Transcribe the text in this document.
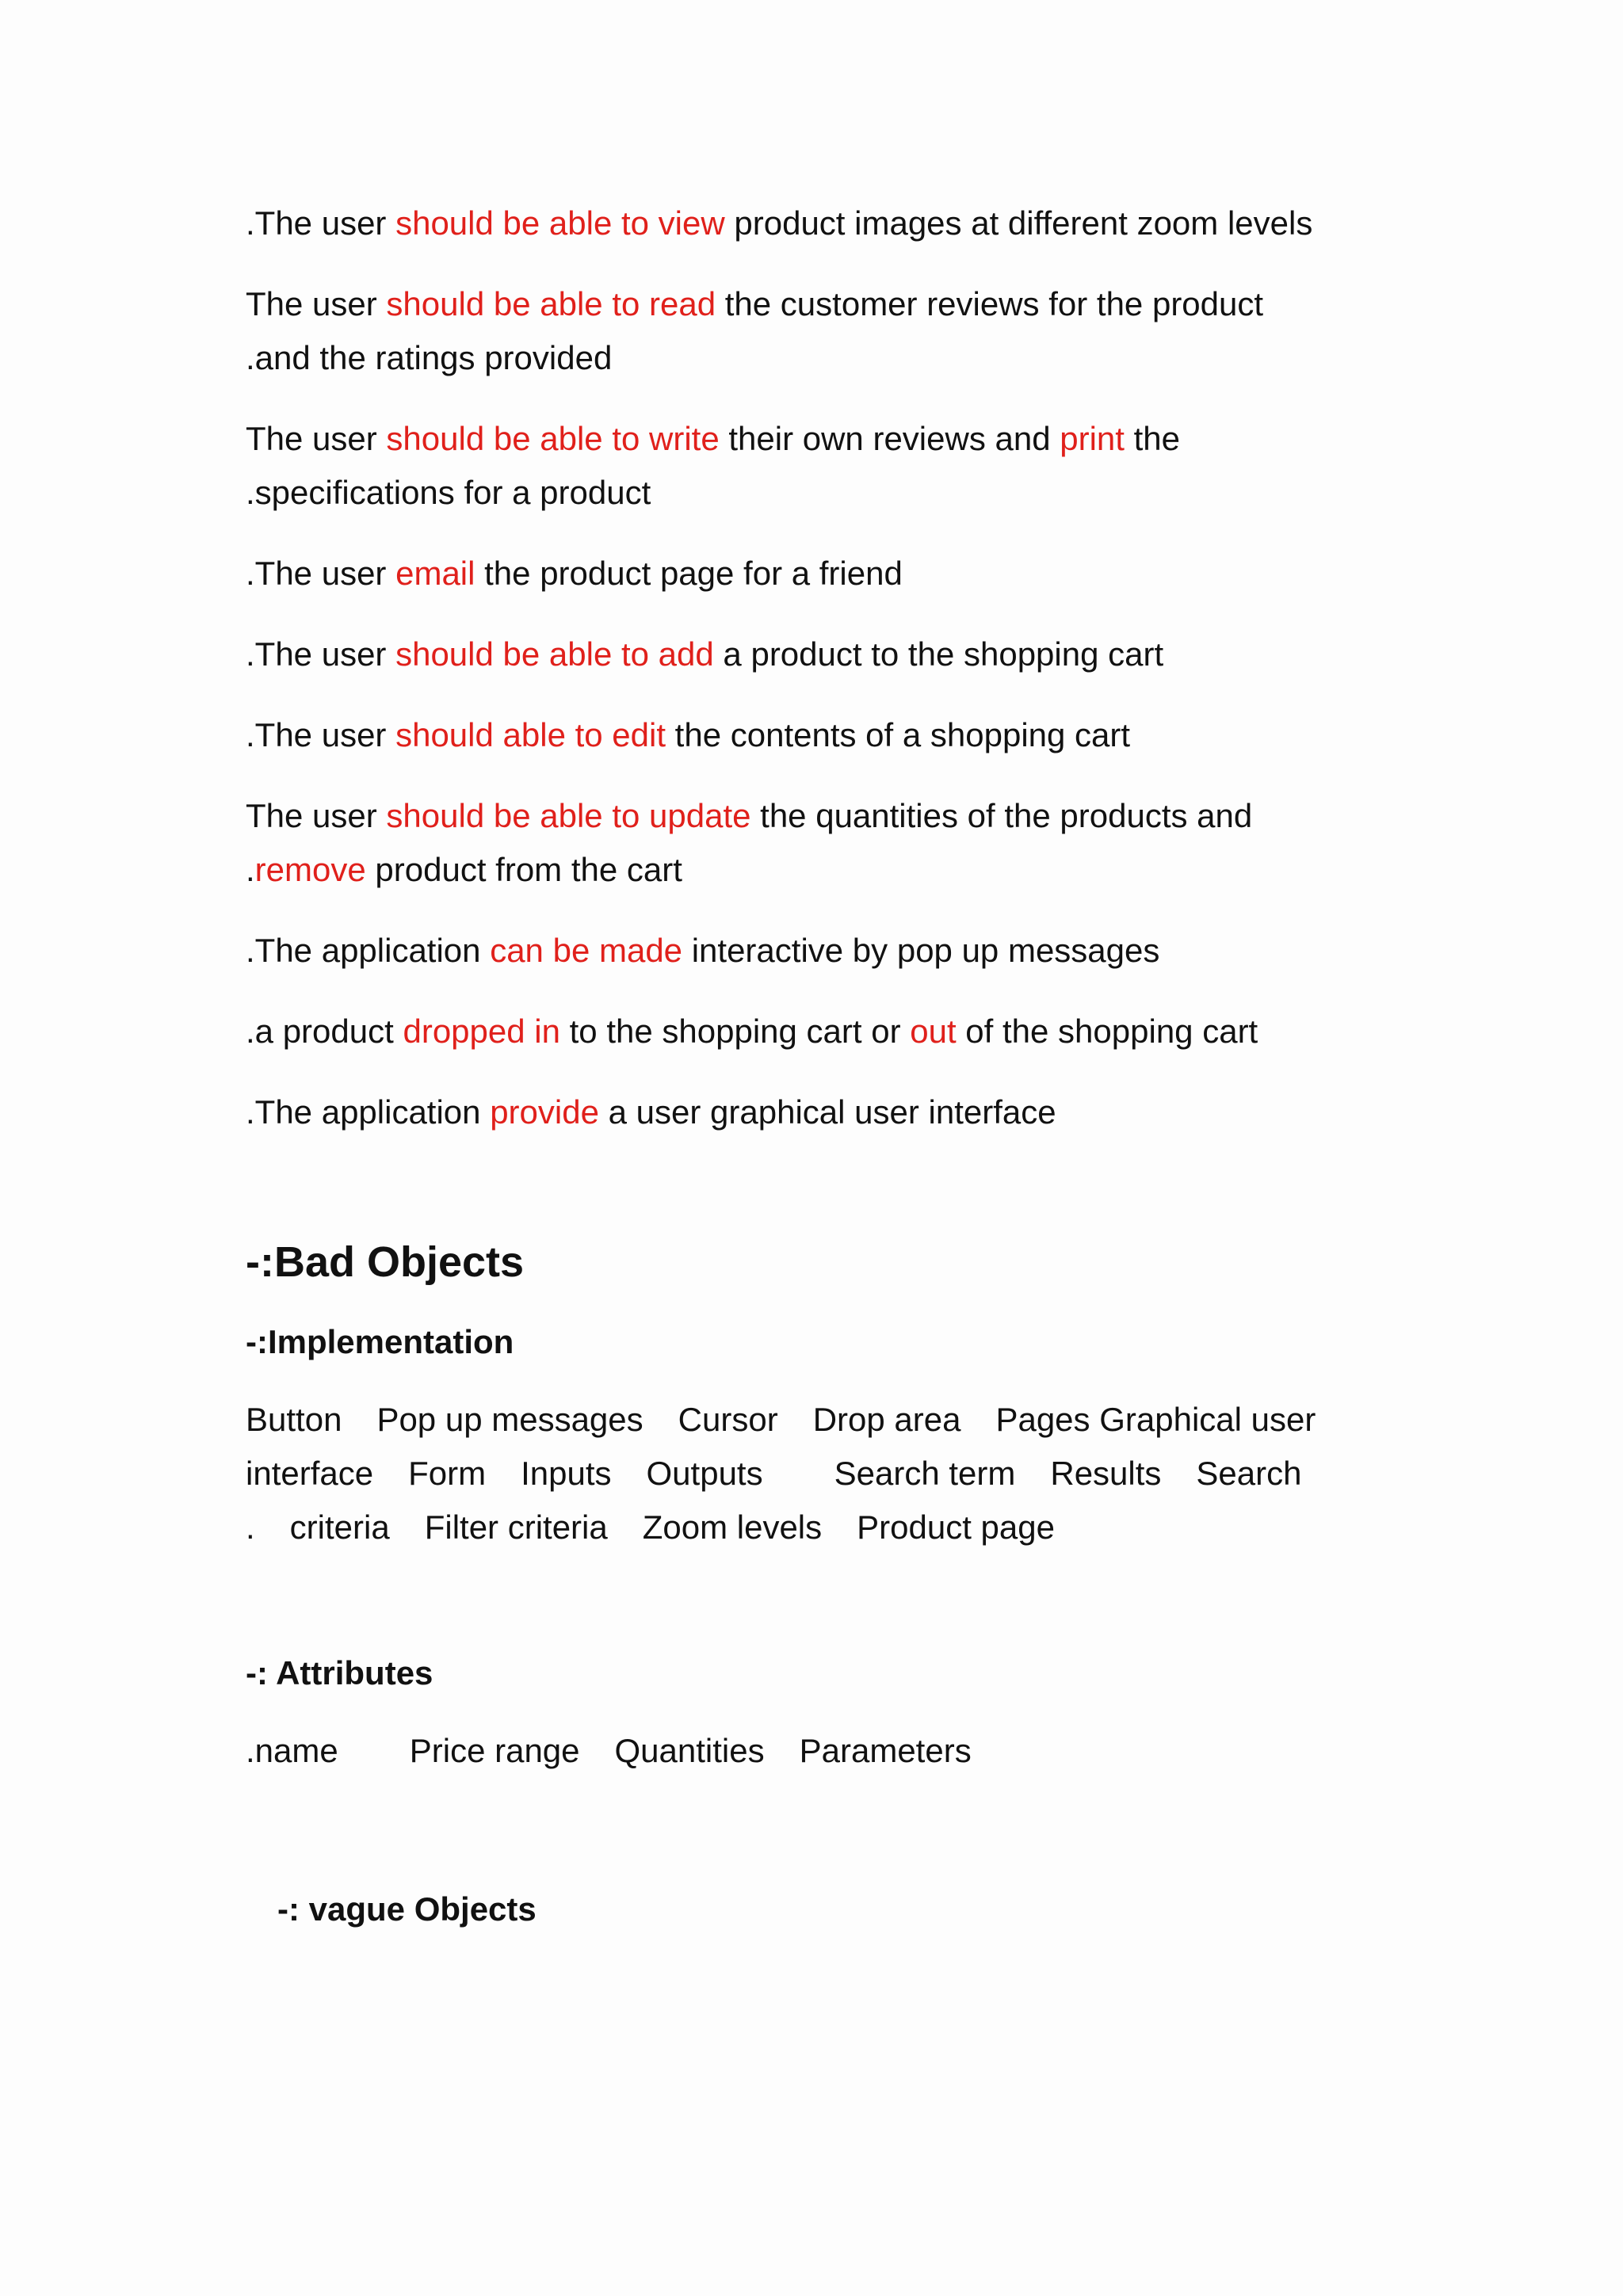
.The user should be able to view product images at different zoom levels
The user should be able to read the customer reviews for the product
.and the ratings provided
The user should be able to write their own reviews and print the
.specifications for a product
.The user email the product page for a friend
.The user should be able to add a product to the shopping cart
.The user should able to edit the contents of a shopping cart
The user should be able to update the quantities of the products and
.remove product from the cart
.The application can be made interactive by pop up messages
.a product dropped in to the shopping cart or out of the shopping cart
.The application provide a user graphical user interface
-:Bad Objects
-:Implementation
Button Pop up messages Cursor Drop area Pages Graphical user
interface Form Inputs Outputs Search term Results Search
. criteria Filter criteria Zoom levels Product page
-: Attributes
.name Price range Quantities Parameters
-: vague Objects
